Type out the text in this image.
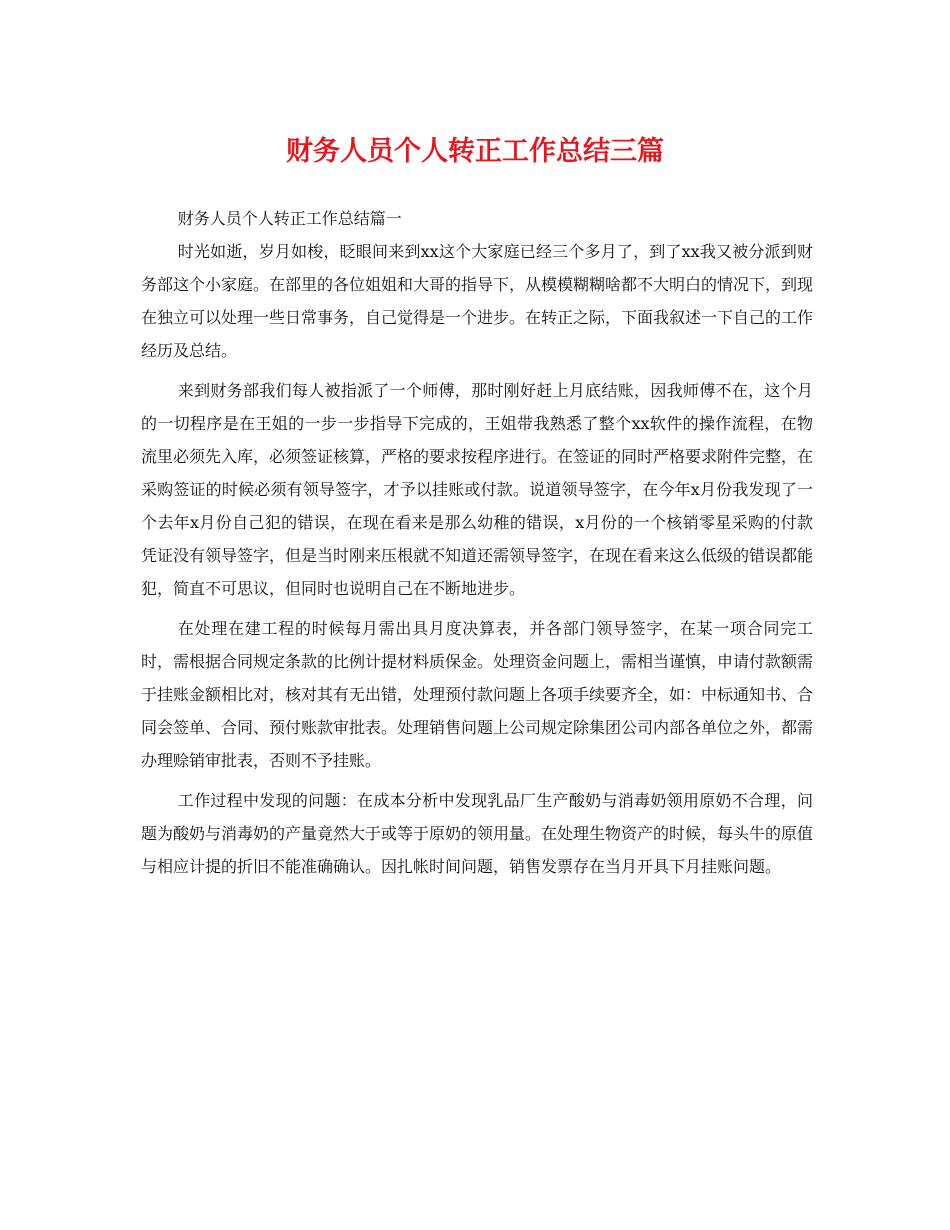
财务人员个人转正工作总结三篇

财务人员个人转正工作总结篇一

时光如逝，岁月如梭，眨眼间来到xx这个大家庭已经三个多月了，到了xx我又被分派到财务部这个小家庭。在部里的各位姐姐和大哥的指导下，从模模糊糊啥都不大明白的情况下，到现在独立可以处理一些日常事务，自己觉得是一个进步。在转正之际，下面我叙述一下自己的工作经历及总结。

来到财务部我们每人被指派了一个师傅，那时刚好赶上月底结账，因我师傅不在，这个月的一切程序是在王姐的一步一步指导下完成的，王姐带我熟悉了整个xx软件的操作流程，在物流里必须先入库，必须签证核算，严格的要求按程序进行。在签证的同时严格要求附件完整，在采购签证的时候必须有领导签字，才予以挂账或付款。说道领导签字，在今年x月份我发现了一个去年x月份自己犯的错误，在现在看来是那么幼稚的错误，x月份的一个核销零星采购的付款凭证没有领导签字，但是当时刚来压根就不知道还需领导签字，在现在看来这么低级的错误都能犯，简直不可思议，但同时也说明自己在不断地进步。

在处理在建工程的时候每月需出具月度决算表，并各部门领导签字，在某一项合同完工时，需根据合同规定条款的比例计提材料质保金。处理资金问题上，需相当谨慎，申请付款额需于挂账金额相比对，核对其有无出错，处理预付款问题上各项手续要齐全，如：中标通知书、合同会签单、合同、预付账款审批表。处理销售问题上公司规定除集团公司内部各单位之外，都需办理赊销审批表，否则不予挂账。

工作过程中发现的问题：在成本分析中发现乳品厂生产酸奶与消毒奶领用原奶不合理，问题为酸奶与消毒奶的产量竟然大于或等于原奶的领用量。在处理生物资产的时候，每头牛的原值与相应计提的折旧不能准确确认。因扎帐时间问题，销售发票存在当月开具下月挂账问题。
